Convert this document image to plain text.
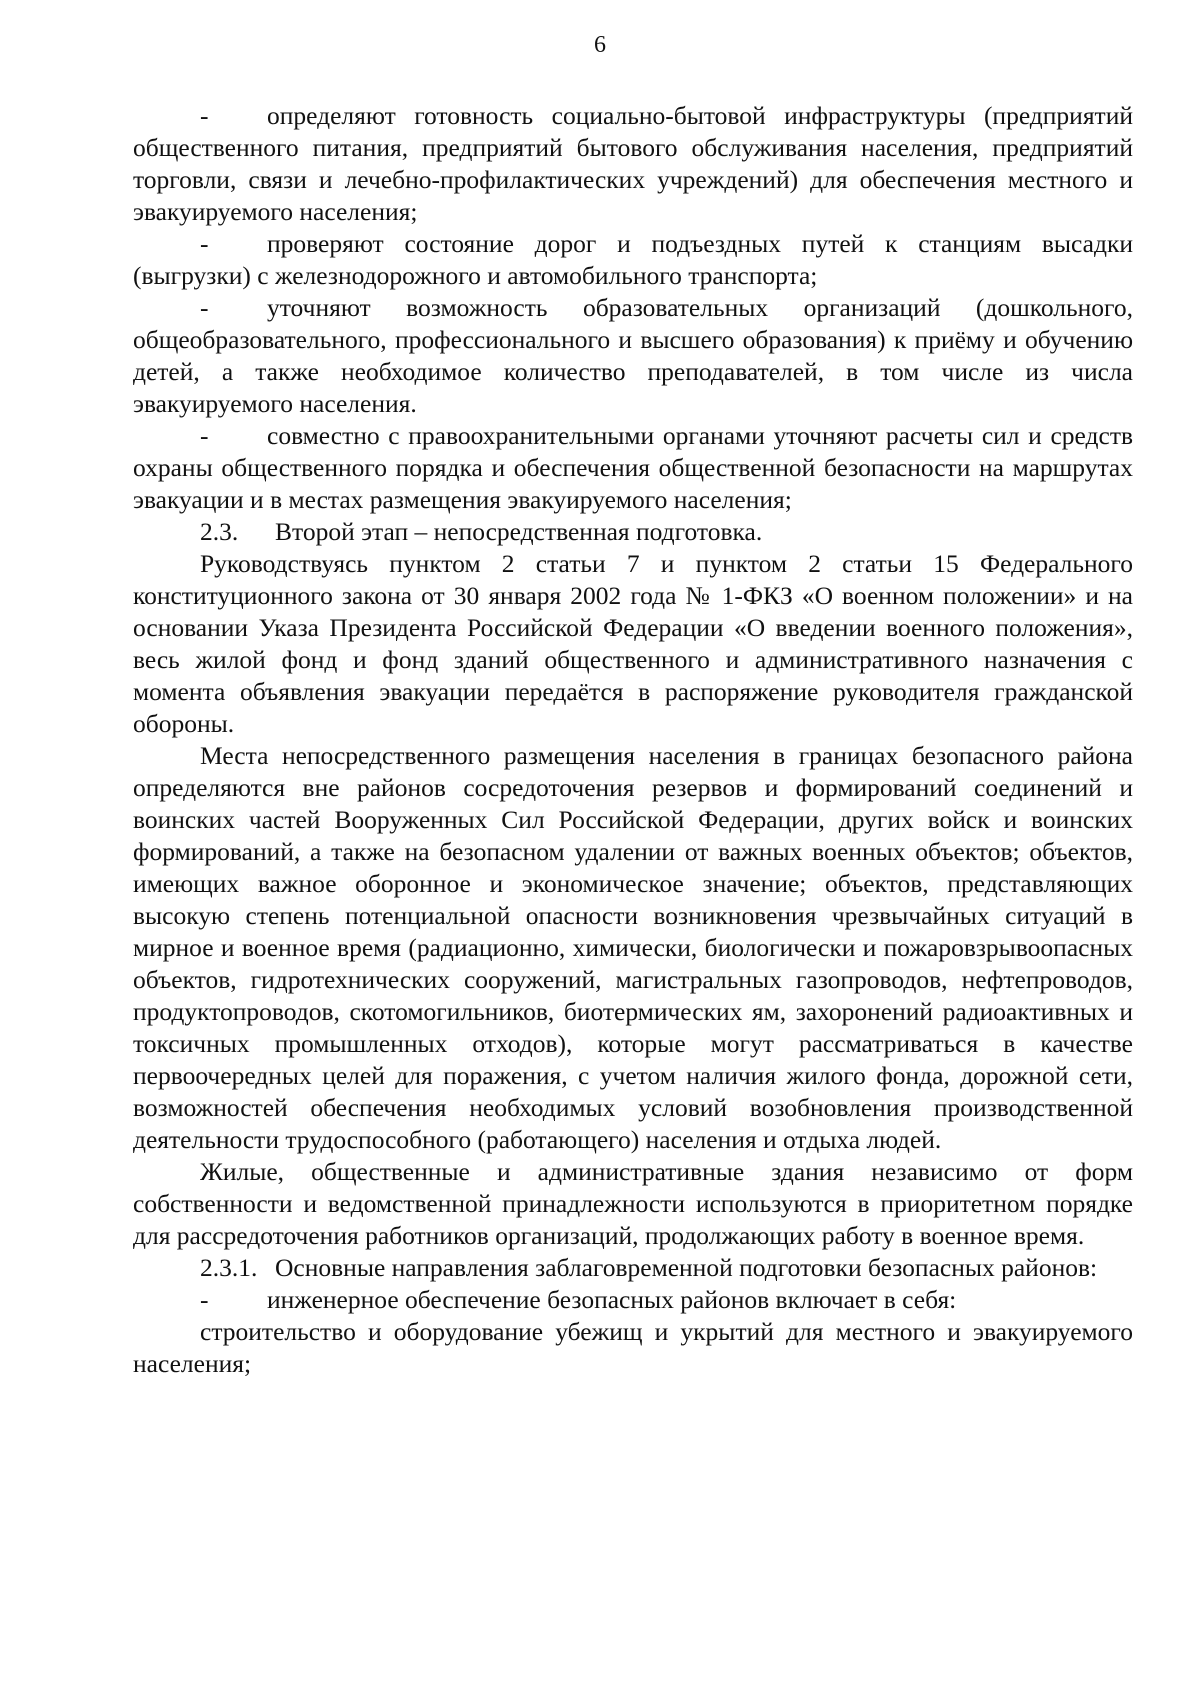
6

- определяют готовность социально-бытовой инфраструктуры (предприятий общественного питания, предприятий бытового обслуживания населения, предприятий торговли, связи и лечебно-профилактических учреждений) для обеспечения местного и эвакуируемого населения;

- проверяют состояние дорог и подъездных путей к станциям высадки (выгрузки) с железнодорожного и автомобильного транспорта;

- уточняют возможность образовательных организаций (дошкольного, общеобразовательного, профессионального и высшего образования) к приёму и обучению детей, а также необходимое количество преподавателей, в том числе из числа эвакуируемого населения.

- совместно с правоохранительными органами уточняют расчеты сил и средств охраны общественного порядка и обеспечения общественной безопасности на маршрутах эвакуации и в местах размещения эвакуируемого населения;

2.3. Второй этап – непосредственная подготовка.

Руководствуясь пунктом 2 статьи 7 и пунктом 2 статьи 15 Федерального конституционного закона от 30 января 2002 года № 1-ФКЗ «О военном положении» и на основании Указа Президента Российской Федерации «О введении военного положения», весь жилой фонд и фонд зданий общественного и административного назначения с момента объявления эвакуации передаётся в распоряжение руководителя гражданской обороны.

Места непосредственного размещения населения в границах безопасного района определяются вне районов сосредоточения резервов и формирований соединений и воинских частей Вооруженных Сил Российской Федерации, других войск и воинских формирований, а также на безопасном удалении от важных военных объектов; объектов, имеющих важное оборонное и экономическое значение; объектов, представляющих высокую степень потенциальной опасности возникновения чрезвычайных ситуаций в мирное и военное время (радиационно, химически, биологически и пожаровзрывоопасных объектов, гидротехнических сооружений, магистральных газопроводов, нефтепроводов, продуктопроводов, скотомогильников, биотермических ям, захоронений радиоактивных и токсичных промышленных отходов), которые могут рассматриваться в качестве первоочередных целей для поражения, с учетом наличия жилого фонда, дорожной сети, возможностей обеспечения необходимых условий возобновления производственной деятельности трудоспособного (работающего) населения и отдыха людей.

Жилые, общественные и административные здания независимо от форм собственности и ведомственной принадлежности используются в приоритетном порядке для рассредоточения работников организаций, продолжающих работу в военное время.

2.3.1. Основные направления заблаговременной подготовки безопасных районов:

- инженерное обеспечение безопасных районов включает в себя:

строительство и оборудование убежищ и укрытий для местного и эвакуируемого населения;
